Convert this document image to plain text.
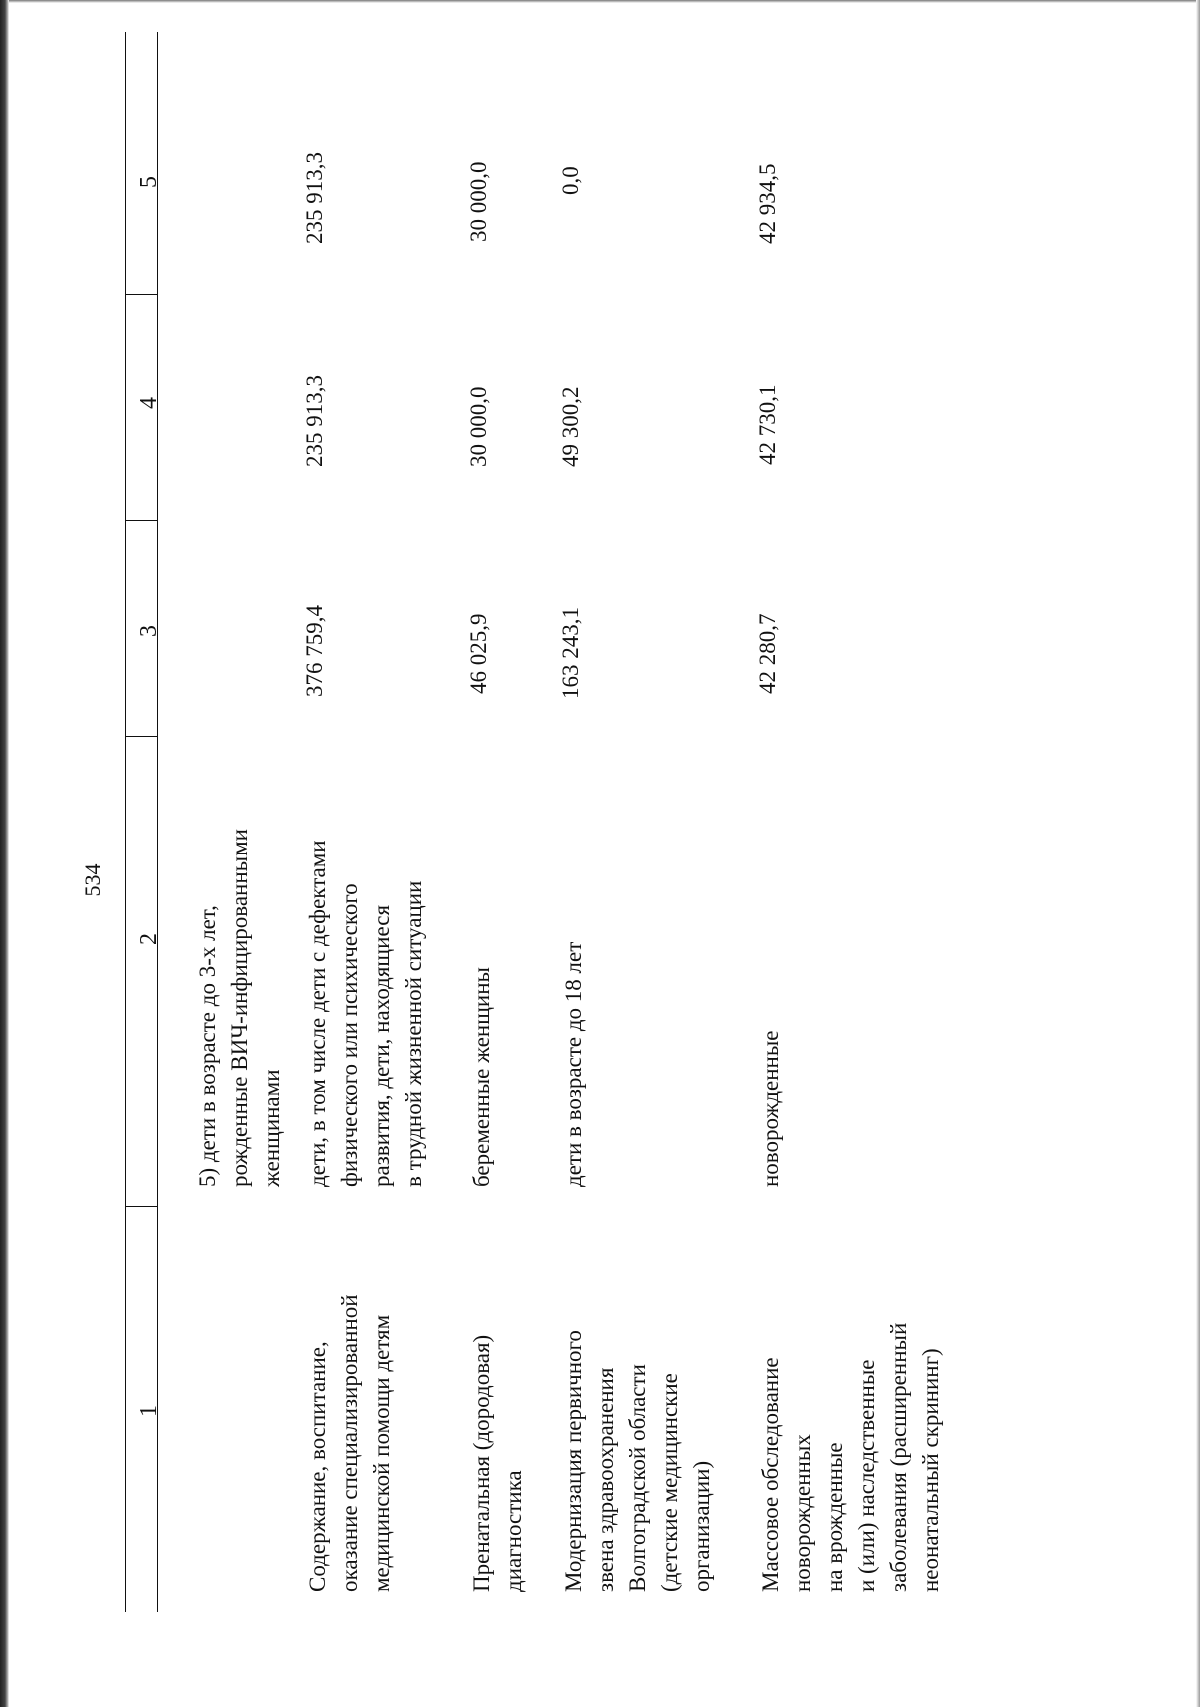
534
1
2
3
4
5
5) дети в возрасте до 3-х лет, рожденные ВИЧ-инфицированными женщинами
Содержание, воспитание, оказание специализированной медицинской помощи детям
дети, в том числе дети с дефектами физического или психического развития, дети, находящиеся в трудной жизненной ситуации
376 759,4
235 913,3
235 913,3
Пренатальная (дородовая) диагностика
беременные женщины
46 025,9
30 000,0
30 000,0
Модернизация первичного звена здравоохранения Волгоградской области (детские медицинские организации)
дети в возрасте до 18 лет
163 243,1
49 300,2
0,0
Массовое обследование новорожденных на врожденные и (или) наследственные заболевания (расширенный неонатальный скрининг)
новорожденные
42 280,7
42 730,1
42 934,5
